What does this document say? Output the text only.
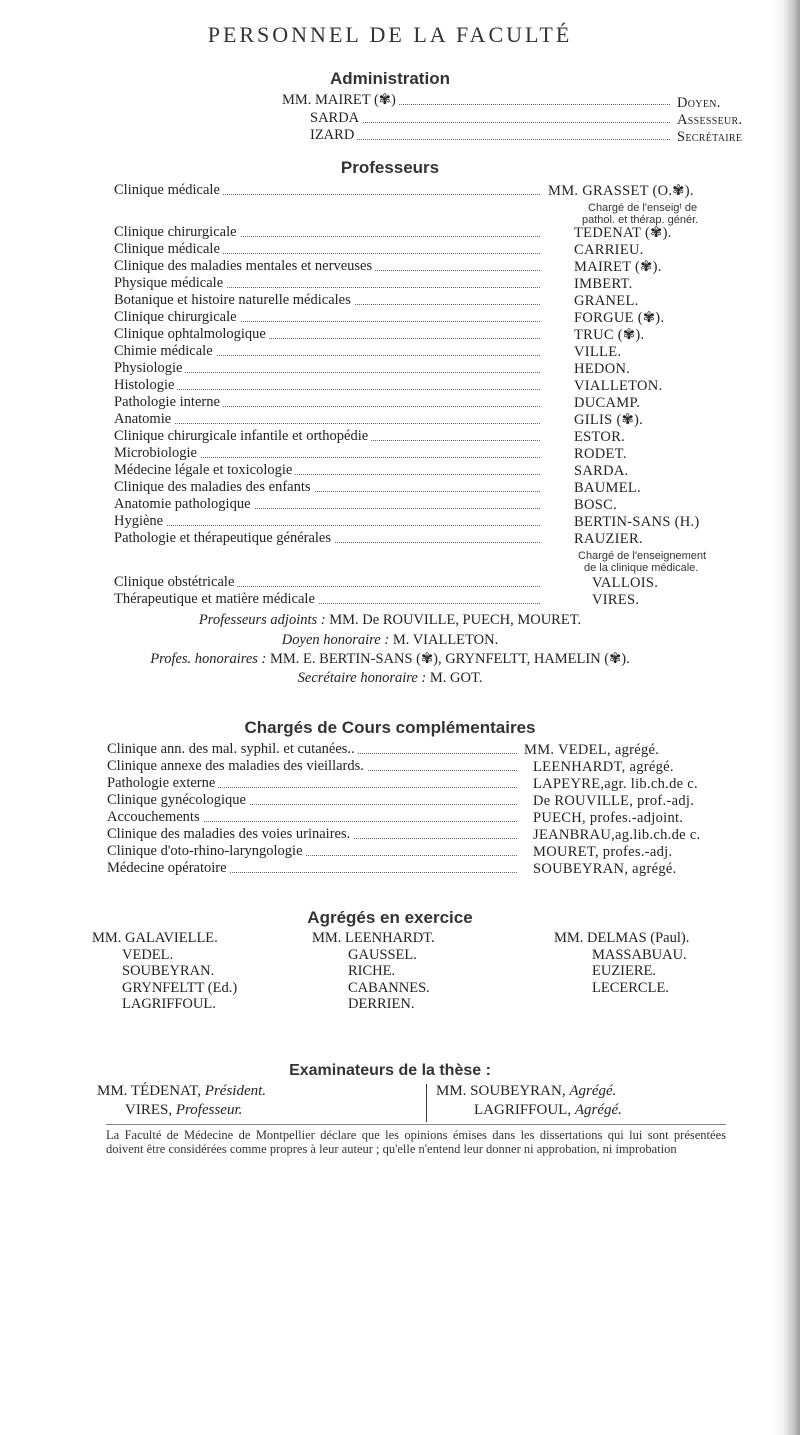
PERSONNEL DE LA FACULTÉ
Administration
MM. MAIRET (✾)	Doyen.
SARDA	Assesseur.
IZARD	Secrétaire
Professeurs
Clinique médicale	MM. GRASSET (O.✾).
Chargé de l'enseigᵗ de
pathol. et thérap. génér.
Clinique chirurgicale	TEDENAT (✾).
Clinique médicale	CARRIEU.
Clinique des maladies mentales et nerveuses	MAIRET (✾).
Physique médicale	IMBERT.
Botanique et histoire naturelle médicales	GRANEL.
Clinique chirurgicale	FORGUE (✾).
Clinique ophtalmologique	TRUC (✾).
Chimie médicale	VILLE.
Physiologie	HEDON.
Histologie	VIALLETON.
Pathologie interne	DUCAMP.
Anatomie	GILIS (✾).
Clinique chirurgicale infantile et orthopédie	ESTOR.
Microbiologie	RODET.
Médecine légale et toxicologie	SARDA.
Clinique des maladies des enfants	BAUMEL.
Anatomie pathologique	BOSC.
Hygiène	BERTIN-SANS (H.)
Pathologie et thérapeutique générales	RAUZIER.
Chargé de l'enseignement
de la clinique médicale.
Clinique obstétricale	VALLOIS.
Thérapeutique et matière médicale	VIRES.
Professeurs adjoints : MM. De ROUVILLE, PUECH, MOURET.
Doyen honoraire : M. VIALLETON.
Profes. honoraires : MM. E. BERTIN-SANS (✾), GRYNFELTT, HAMELIN (✾).
Secrétaire honoraire : M. GOT.
Chargés de Cours complémentaires
Clinique ann. des mal. syphil. et cutanées..	MM. VEDEL, agrégé.
Clinique annexe des maladies des vieillards.	LEENHARDT, agrégé.
Pathologie externe	LAPEYRE,agr. lib.ch.de c.
Clinique gynécologique	De ROUVILLE, prof.-adj.
Accouchements	PUECH, profes.-adjoint.
Clinique des maladies des voies urinaires.	JEANBRAU,ag.lib.ch.de c.
Clinique d'oto-rhino-laryngologie	MOURET, profes.-adj.
Médecine opératoire	SOUBEYRAN, agrégé.
Agrégés en exercice
MM. GALAVIELLE.
VEDEL.
SOUBEYRAN.
GRYNFELTT (Ed.)
LAGRIFFOUL.
MM. LEENHARDT.
GAUSSEL.
RICHE.
CABANNES.
DERRIEN.
MM. DELMAS (Paul).
MASSABUAU.
EUZIERE.
LECERCLE.
Examinateurs de la thèse :
MM. TÉDENAT, Président.
VIRES, Professeur.
MM. SOUBEYRAN, Agrégé.
LAGRIFFOUL, Agrégé.
La Faculté de Médecine de Montpellier déclare que les opinions émises dans les dissertations qui lui sont présentées doivent être considérées comme propres à leur auteur ; qu'elle n'entend leur donner ni approbation, ni improbation
